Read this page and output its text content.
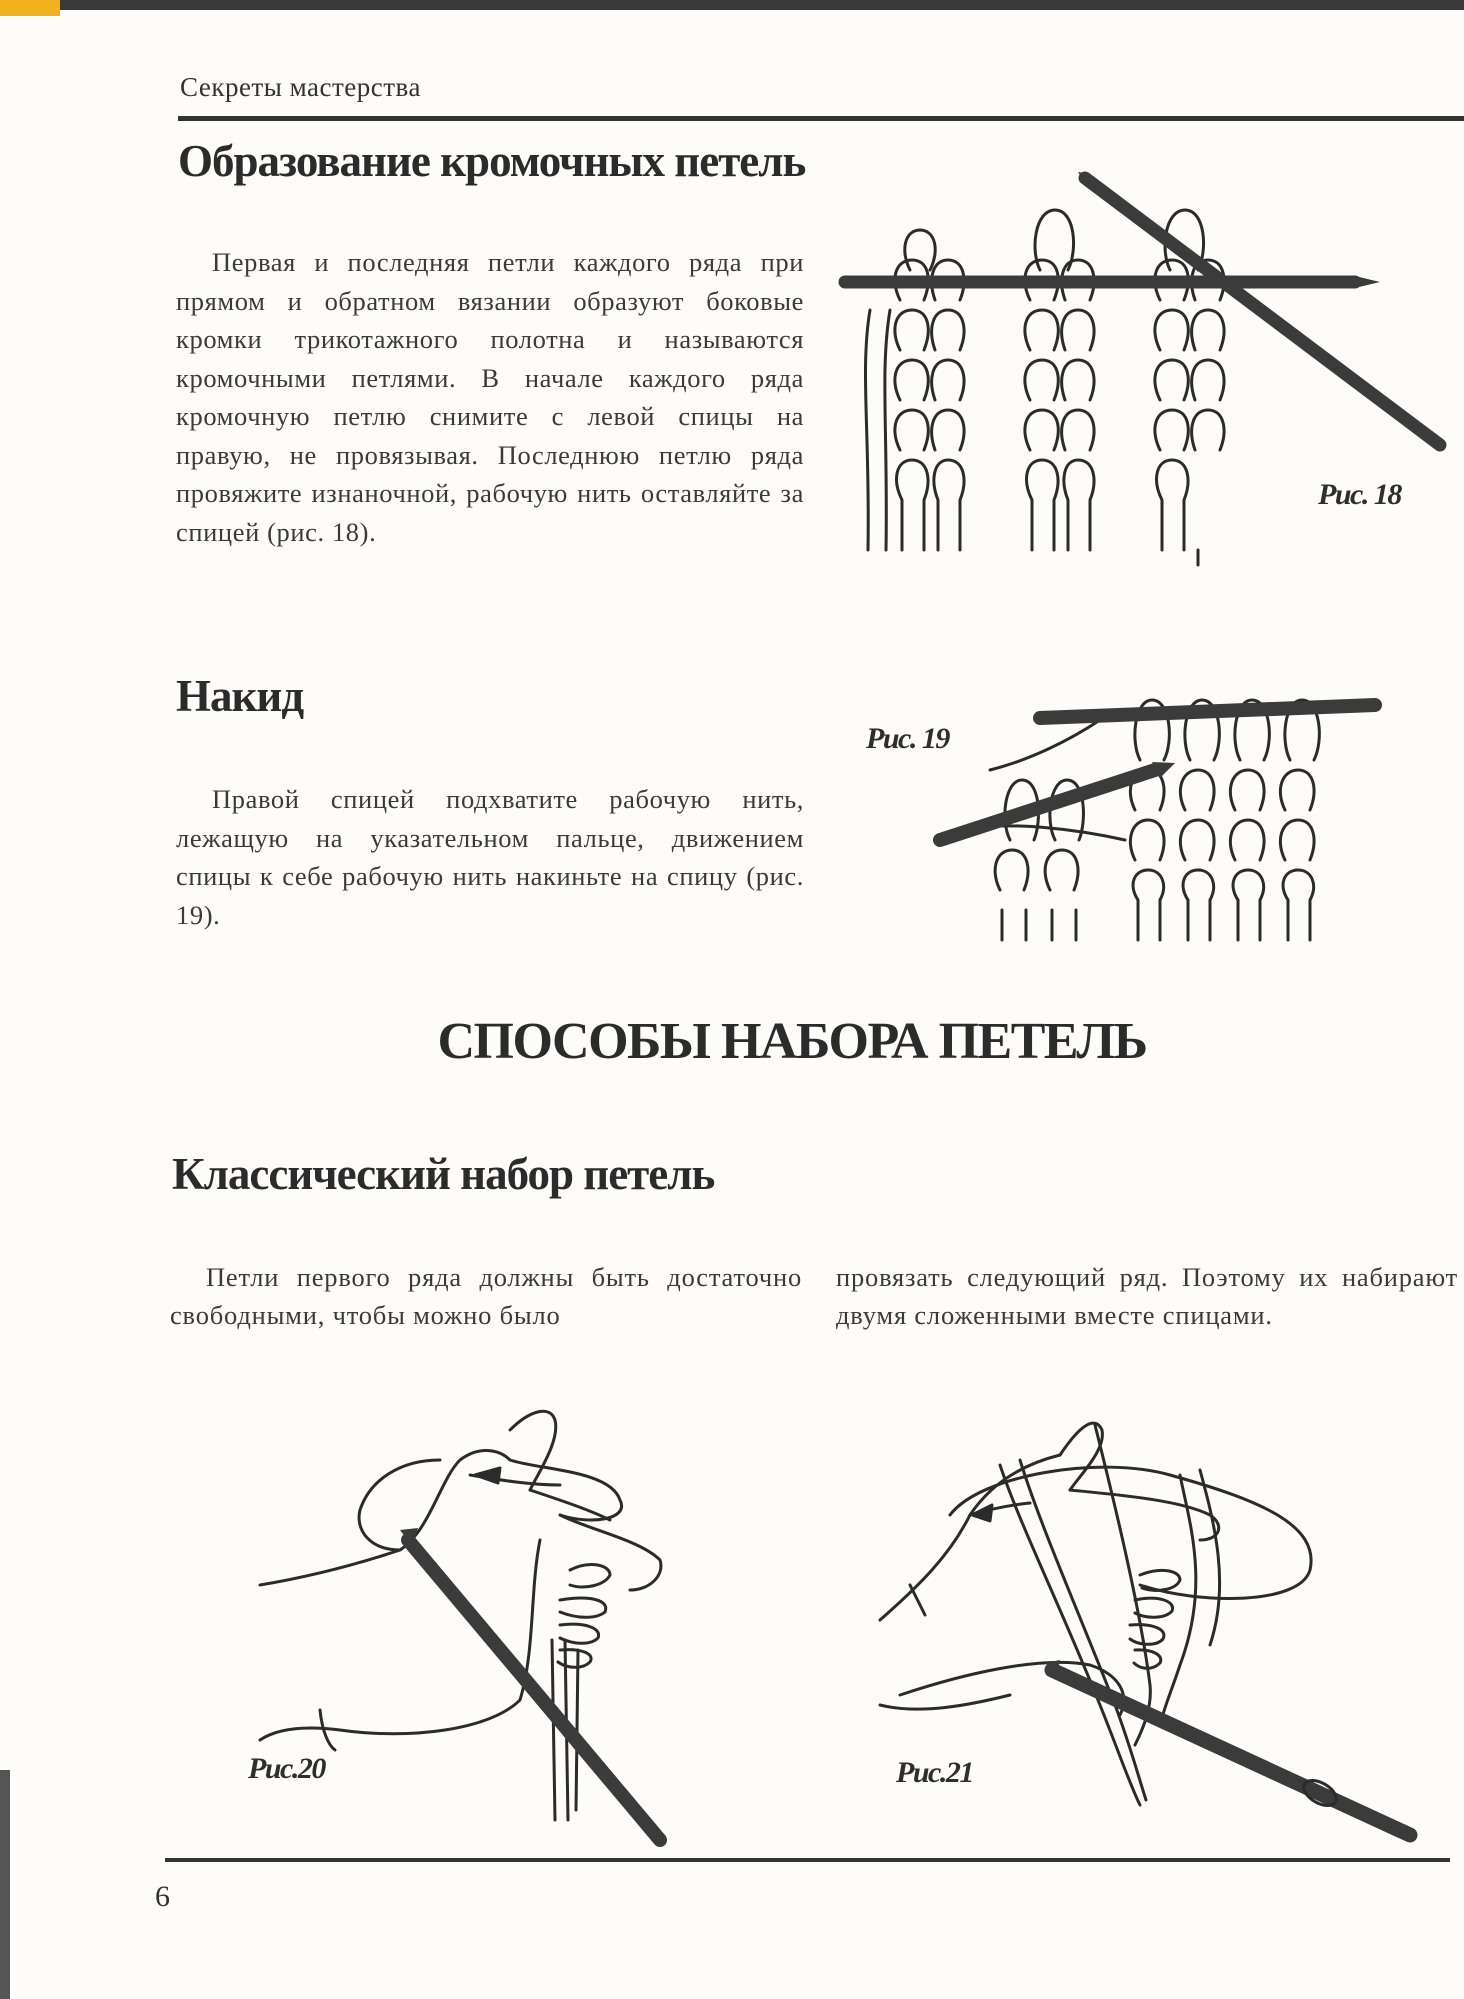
Секреты мастерства
Образование кромочных петель

Первая и последняя петли каждого ряда при прямом и обратном вязании образуют боковые кромки трикотажного полотна и называются кромочными петлями. В начале каждого ряда кромочную петлю снимите с левой спицы на правую, не провязывая. Последнюю петлю ряда провяжите изнаночной, рабочую нить оставляйте за спицей (рис. 18).

Рис. 18
Накид

Правой спицей подхватите рабочую нить, лежащую на указательном пальце, движением спицы к себе рабочую нить накиньте на спицу (рис. 19).

Рис. 19
СПОСОБЫ НАБОРА ПЕТЕЛЬ
Классический набор петель

Петли первого ряда должны быть достаточно свободными, чтобы можно было

провязать следующий ряд. Поэтому их набирают двумя сложенными вместе спицами.

Рис.20	Рис.21
6
